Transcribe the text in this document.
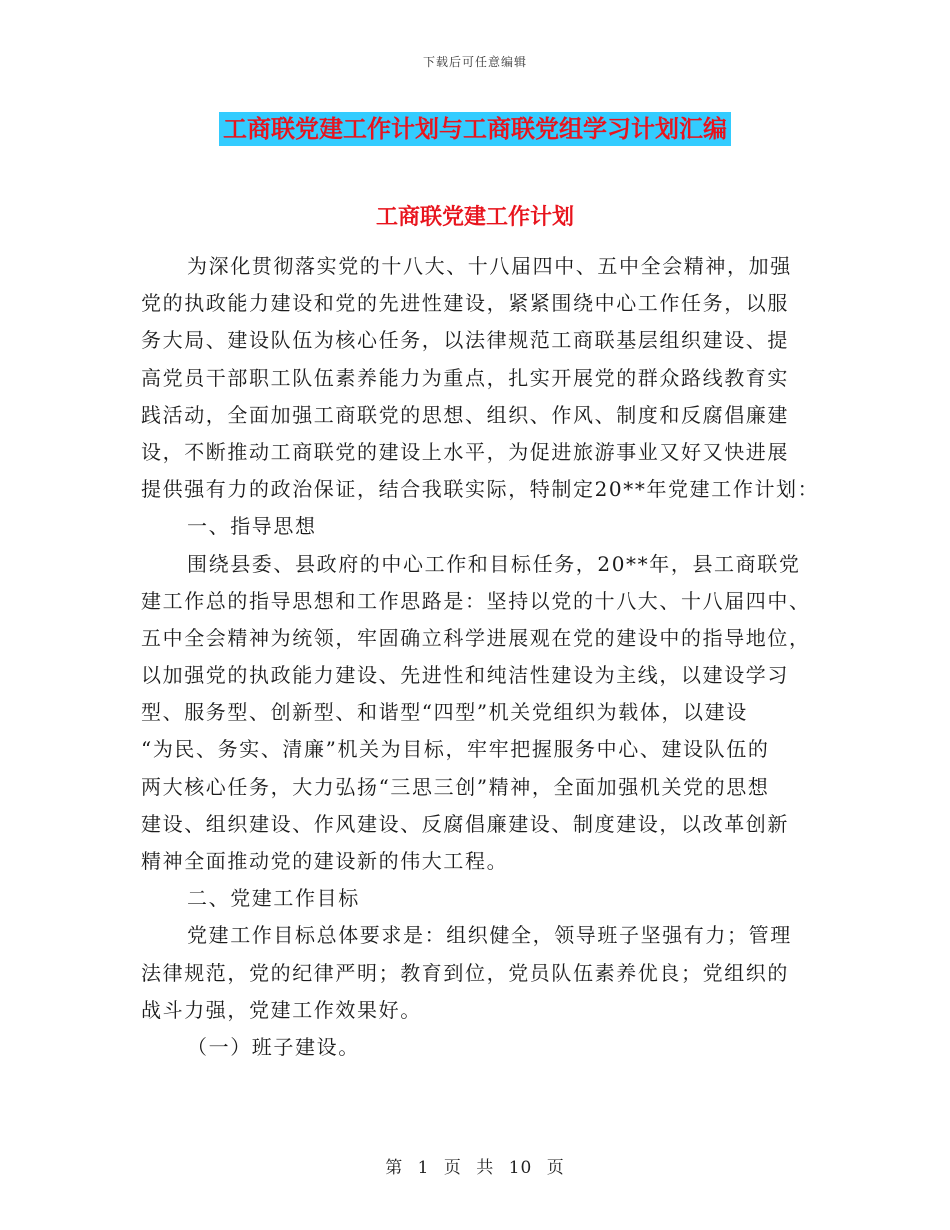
下载后可任意编辑
工商联党建工作计划与工商联党组学习计划汇编
工商联党建工作计划
为深化贯彻落实党的十八大、十八届四中、五中全会精神，加强
党的执政能力建设和党的先进性建设，紧紧围绕中心工作任务，以服
务大局、建设队伍为核心任务，以法律规范工商联基层组织建设、提
高党员干部职工队伍素养能力为重点，扎实开展党的群众路线教育实
践活动，全面加强工商联党的思想、组织、作风、制度和反腐倡廉建
设，不断推动工商联党的建设上水平，为促进旅游事业又好又快进展
提供强有力的政治保证，结合我联实际，特制定20**年党建工作计划：
一、指导思想
围绕县委、县政府的中心工作和目标任务，20**年，县工商联党
建工作总的指导思想和工作思路是：坚持以党的十八大、十八届四中、
五中全会精神为统领，牢固确立科学进展观在党的建设中的指导地位，
以加强党的执政能力建设、先进性和纯洁性建设为主线，以建设学习
型、服务型、创新型、和谐型“四型”机关党组织为载体，以建设
“为民、务实、清廉”机关为目标，牢牢把握服务中心、建设队伍的
两大核心任务，大力弘扬“三思三创”精神，全面加强机关党的思想
建设、组织建设、作风建设、反腐倡廉建设、制度建设，以改革创新
精神全面推动党的建设新的伟大工程。
二、党建工作目标
党建工作目标总体要求是：组织健全，领导班子坚强有力；管理
法律规范，党的纪律严明；教育到位，党员队伍素养优良；党组织的
战斗力强，党建工作效果好。
（一）班子建设。
第 1 页 共 10 页
